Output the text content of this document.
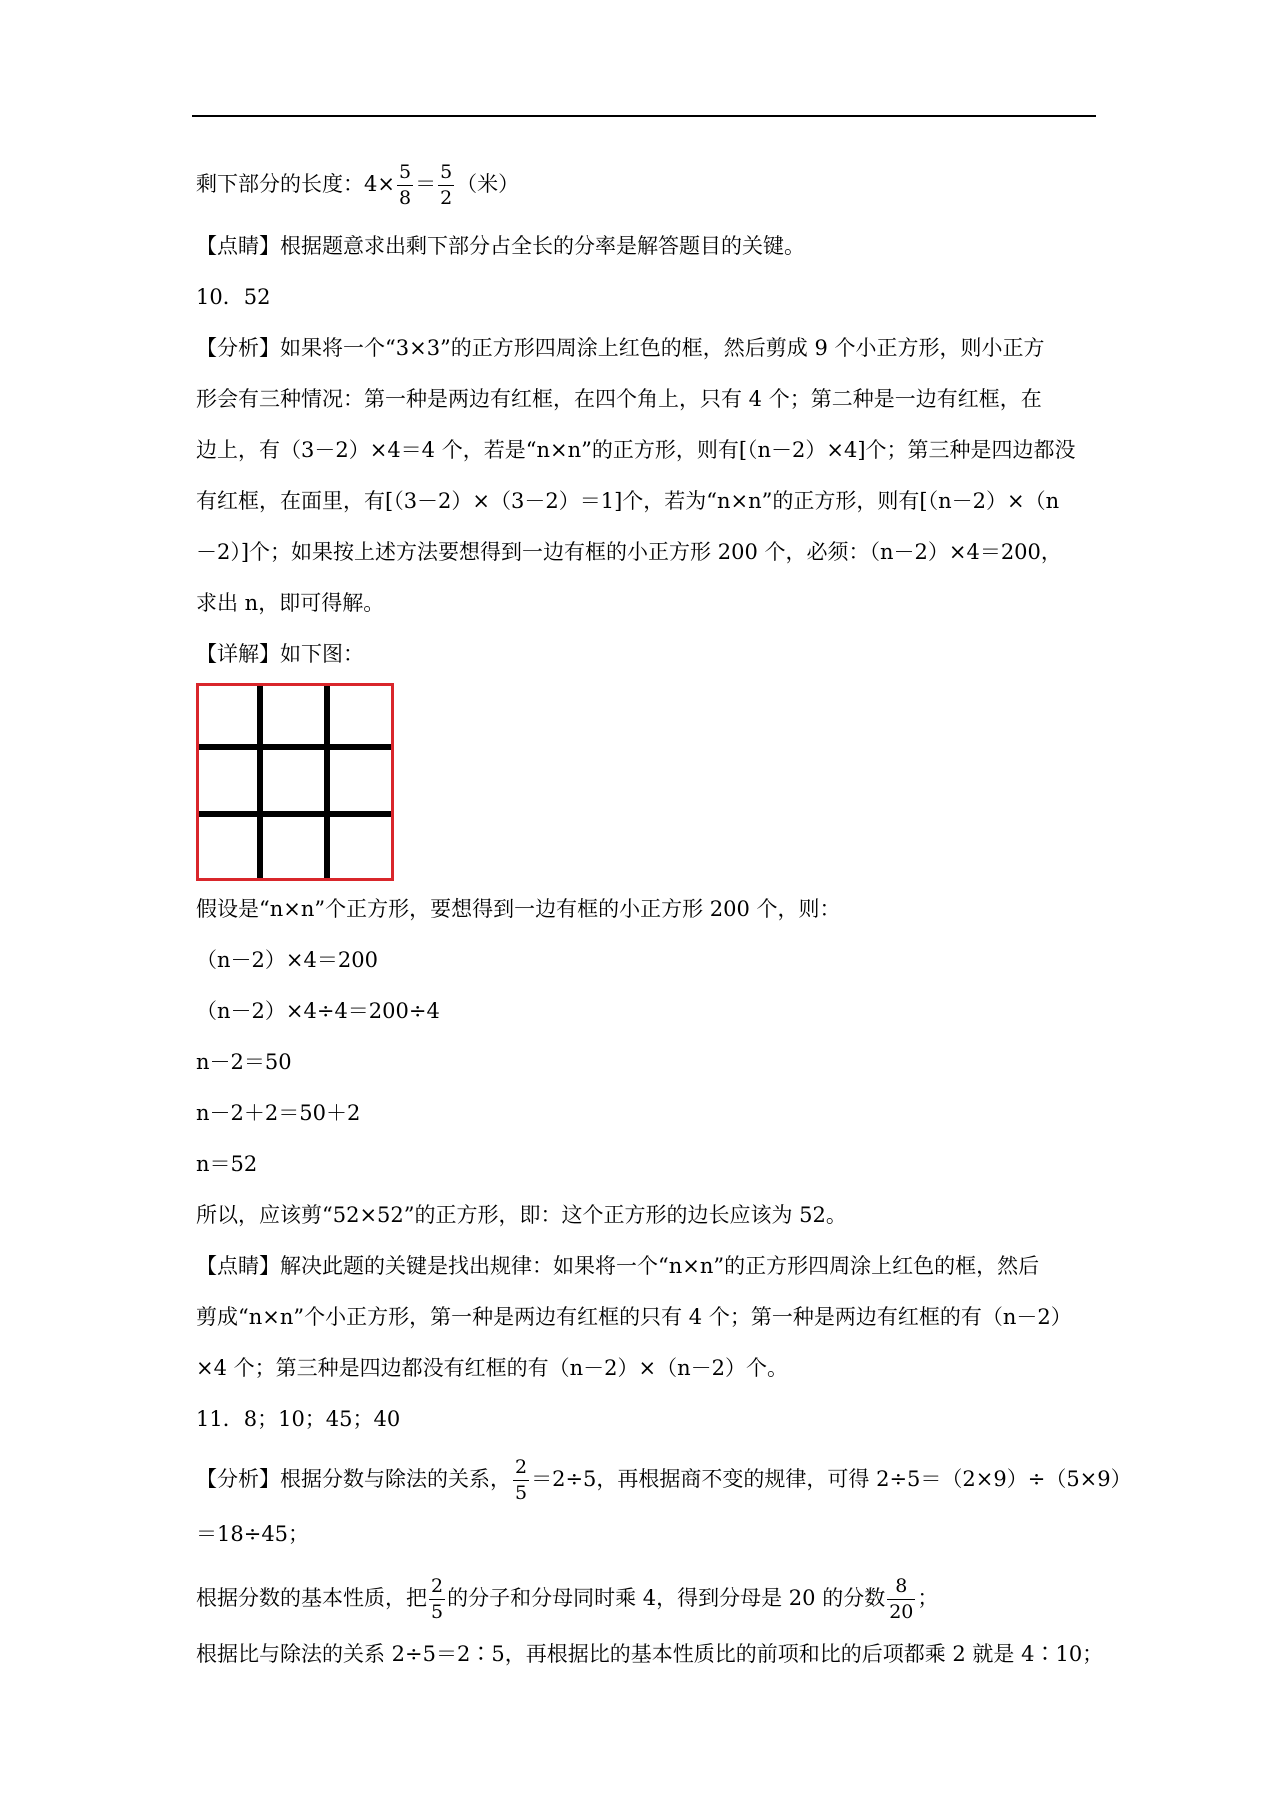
剩下部分的长度：$4\times \frac{5}{8} = \frac{5}{2}$ （米）
【点睛】根据题意求出剩下部分占全长的分率是解答题目的关键。
10．52
【分析】如果将一个“3×3”的正方形四周涂上红色的框，然后剪成 9 个小正方形，则小正方
形会有三种情况：第一种是两边有红框，在四个角上，只有 4 个；第二种是一边有红框，在
边上，有（3－2）×4＝4 个，若是“n×n”的正方形，则有[（n－2）×4]个；第三种是四边都没
有红框，在面里，有[（3－2）×（3－2）＝1]个，若为“n×n”的正方形，则有[（n－2）×（n
－2）]个；如果按上述方法要想得到一边有框的小正方形 200 个，必须：（n－2）×4＝200，
求出 n，即可得解。
【详解】如下图：
假设是“n×n”个正方形，要想得到一边有框的小正方形 200 个，则：
（n－2）×4＝200
（n－2）×4÷4＝200÷4
n－2＝50
n－2＋2＝50＋2
n＝52
所以，应该剪“52×52”的正方形，即：这个正方形的边长应该为 52。
【点睛】解决此题的关键是找出规律：如果将一个“n×n”的正方形四周涂上红色的框，然后
剪成“n×n”个小正方形，第一种是两边有红框的只有 4 个；第一种是两边有红框的有（n－2）
×4 个；第三种是四边都没有红框的有（n－2）×（n－2）个。
11．8；10；45；40
【分析】根据分数与除法的关系， $\frac{2}{5} =2\div 5$，再根据商不变的规律，可得 2÷5＝（2×9）÷（5×9）
＝18÷45；
根据分数的基本性质，把 $\frac{2}{5}$ 的分子和分母同时乘 4，得到分母是 20 的分数 $\frac{8}{20}$ ；
根据比与除法的关系 2÷5＝2∶5，再根据比的基本性质比的前项和比的后项都乘 2 就是 4∶10；
